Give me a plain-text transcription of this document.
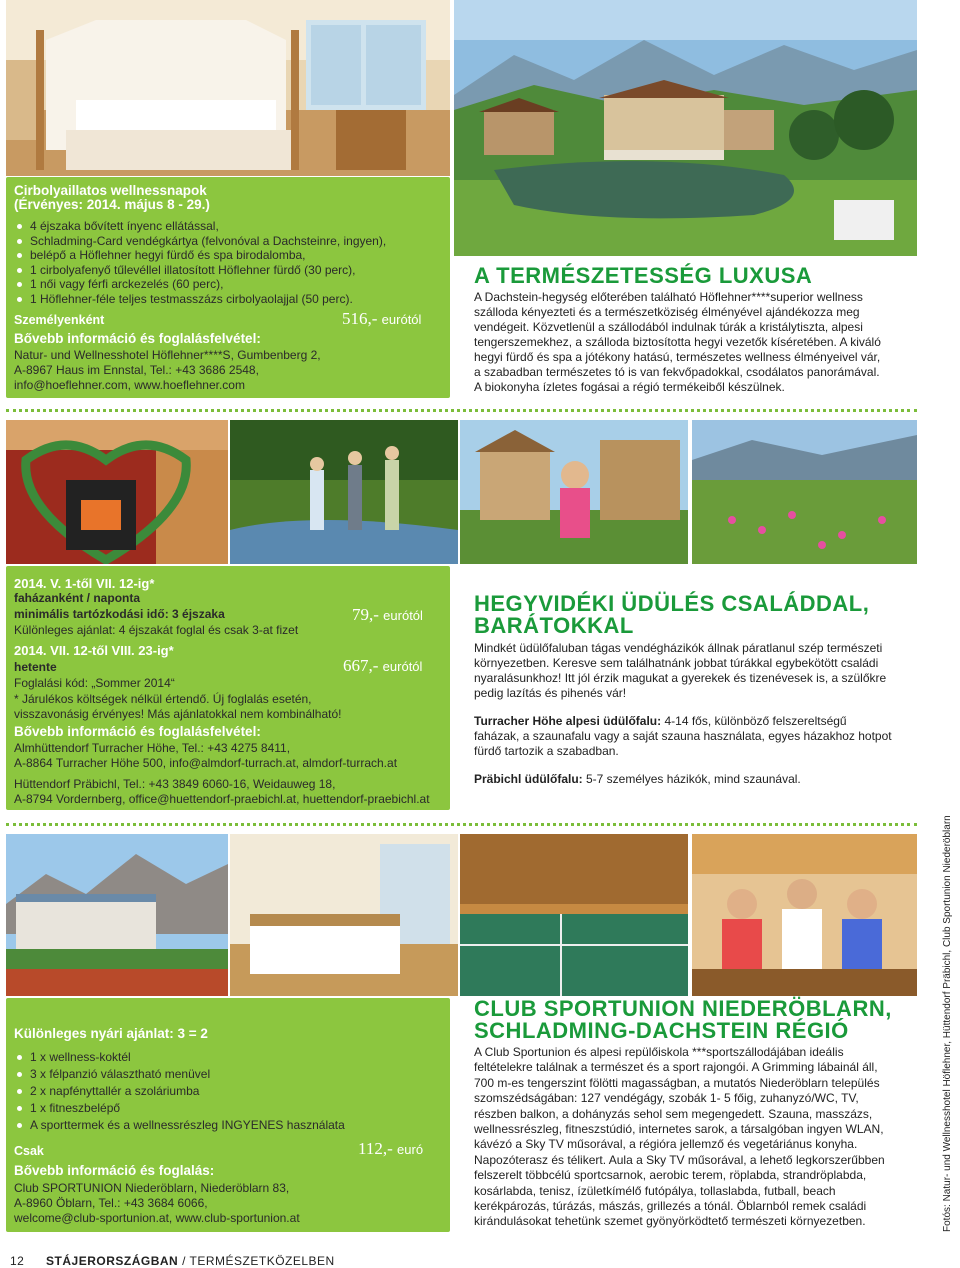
Cirbolyaillatos wellnessnapok
(Érvényes: 2014. május 8 - 29.)
4 éjszaka bővített ínyenc ellátással,
Schladming-Card vendégkártya (felvonóval a Dachsteinre, ingyen),
belépő a Höflehner hegyi fürdő és spa birodalomba,
1 cirbolyafenyő tűlevéllel illatosított Höflehner fürdő (30 perc),
1 női vagy férfi arckezelés (60 perc),
1 Höflehner-féle teljes testmasszázs cirbolyaolajjal (50 perc).
Személyenként	516,- eurótól
Bővebb információ és foglalásfelvétel:
Natur- und Wellnesshotel Höflehner****S, Gumbenberg 2,
A-8967 Haus im Ennstal, Tel.: +43 3686 2548,
info@hoeflehner.com, www.hoeflehner.com
A TERMÉSZETESSÉG LUXUSA
A Dachstein-hegység előterében található Höflehner****superior wellness
szálloda kényezteti és a természetköziség élményével ajándékozza meg
vendégeit. Közvetlenül a szállodából indulnak túrák a kristálytiszta, alpesi
tengerszemekhez, a szálloda biztosította hegyi vezetők kíséretében. A kiváló
hegyi fürdő és spa a jótékony hatású, természetes wellness élményeivel vár,
a szabadban természetes tó is van fekvőpadokkal, csodálatos panorámával.
A biokonyha ízletes fogásai a régió termékeiből készülnek.
2014. V. 1-től VII. 12-ig*
faházanként / naponta
minimális tartózkodási idő: 3 éjszaka	79,- eurótól
Különleges ajánlat: 4 éjszakát foglal és csak 3-at fizet
2014. VII. 12-től VIII. 23-ig*
hetente	667,- eurótól
Foglalási kód: „Sommer 2014“
* Járulékos költségek nélkül értendő. Új foglalás esetén,
visszavonásig érvényes! Más ajánlatokkal nem kombinálható!
Bővebb információ és foglalásfelvétel:
Almhüttendorf Turracher Höhe, Tel.: +43 4275 8411,
A-8864 Turracher Höhe 500, info@almdorf-turrach.at, almdorf-turrach.at
Hüttendorf Präbichl, Tel.: +43 3849 6060-16, Weidauweg 18,
A-8794 Vordernberg, office@huettendorf-praebichl.at, huettendorf-praebichl.at
HEGYVIDÉKI ÜDÜLÉS CSALÁDDAL,
BARÁTOKKAL
Mindkét üdülőfaluban tágas vendégházikók állnak páratlanul szép természeti
környezetben. Keresve sem találhatnánk jobbat túrákkal egybekötött családi
nyaralásunkhoz! Itt jól érzik magukat a gyerekek és tizenévesek is, a szülőkre
pedig lazítás és pihenés vár!
Turracher Höhe alpesi üdülőfalu: 4-14 fős, különböző felszereltségű
faházak, a szaunafalu vagy a saját szauna használata, egyes házakhoz hotpot
fürdő tartozik a szabadban.
Präbichl üdülőfalu: 5-7 személyes házikók, mind szaunával.
Különleges nyári ajánlat: 3 = 2
1 x wellness-koktél
3 x félpanzió választható menüvel
2 x napfényttallér a szoláriumba
1 x fitneszbelépő
A sporttermek és a wellnessrészleg INGYENES használata
Csak	112,- euró
Bővebb információ és foglalás:
Club SPORTUNION Niederöblarn, Niederöblarn 83,
A-8960 Öblarn, Tel.: +43 3684 6066,
welcome@club-sportunion.at, www.club-sportunion.at
CLUB SPORTUNION NIEDERÖBLARN,
SCHLADMING-DACHSTEIN RÉGIÓ
A Club Sportunion és alpesi repülőiskola ***sportszállodájában ideális
feltételekre találnak a természet és a sport rajongói. A Grimming lábainál áll,
700 m-es tengerszint fölötti magasságban, a mutatós Niederöblarn település
szomszédságában: 127 vendégágy, szobák 1- 5 főig, zuhanyzó/WC, TV,
részben balkon, a dohányzás sehol sem megengedett. Szauna, masszázs,
wellnessrészleg, fitneszstúdió, internetes sarok, a társalgóban ingyen WLAN,
kávézó a Sky TV műsorával, a régióra jellemző és vegetáriánus konyha.
Napozóterasz és télikert. Aula a Sky TV műsorával, a lehető legkorszerűbben
felszerelt többcélú sportcsarnok, aerobic terem, röplabda, strandröplabda,
kosárlabda, tenisz, ízületkímélő futópálya, tollaslabda, futball, beach
kerékpározás, túrázás, mászás, grillezés a tónál. Öblarnból remek családi
kirándulásokat tehetünk szemet gyönyörködtető természeti környezetben.
12 STÁJERORSZÁGBAN / TERMÉSZETKÖZELBEN
Fotós: Natur- und Wellnesshotel Höflehner, Hüttendorf Präbichl, Club Sportunion Niederöblarn
